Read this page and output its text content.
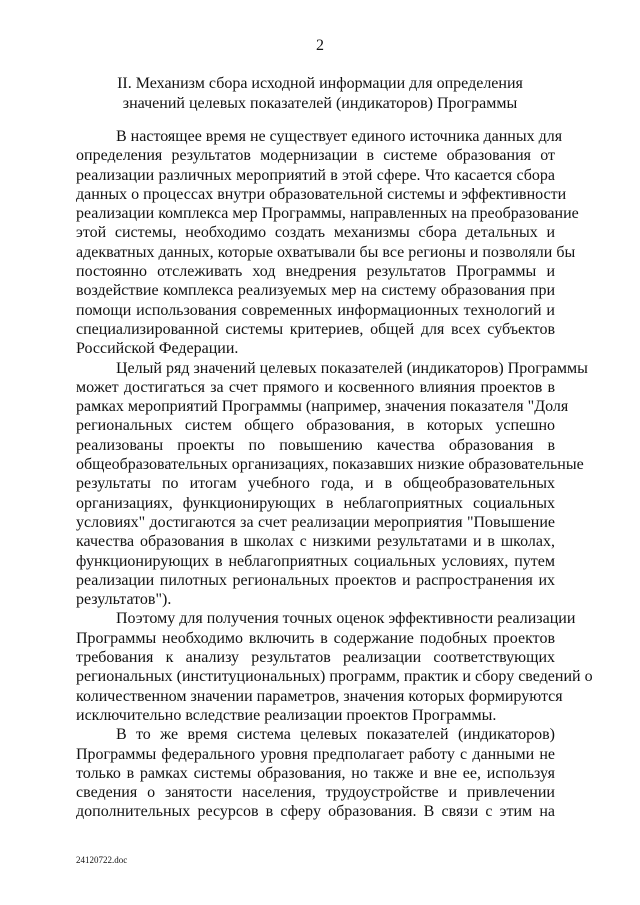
2
II. Механизм сбора исходной информации для определения
значений целевых показателей (индикаторов) Программы
В настоящее время не существует единого источника данных для
определения результатов модернизации в системе образования от
реализации различных мероприятий в этой сфере. Что касается сбора
данных о процессах внутри образовательной системы и эффективности
реализации комплекса мер Программы, направленных на преобразование
этой системы, необходимо создать механизмы сбора детальных и
адекватных данных, которые охватывали бы все регионы и позволяли бы
постоянно отслеживать ход внедрения результатов Программы и
воздействие комплекса реализуемых мер на систему образования при
помощи использования современных информационных технологий и
специализированной системы критериев, общей для всех субъектов
Российской Федерации.
Целый ряд значений целевых показателей (индикаторов) Программы
может достигаться за счет прямого и косвенного влияния проектов в
рамках мероприятий Программы (например, значения показателя "Доля
региональных систем общего образования, в которых успешно
реализованы проекты по повышению качества образования в
общеобразовательных организациях, показавших низкие образовательные
результаты по итогам учебного года, и в общеобразовательных
организациях, функционирующих в неблагоприятных социальных
условиях" достигаются за счет реализации мероприятия "Повышение
качества образования в школах с низкими результатами и в школах,
функционирующих в неблагоприятных социальных условиях, путем
реализации пилотных региональных проектов и распространения их
результатов").
Поэтому для получения точных оценок эффективности реализации
Программы необходимо включить в содержание подобных проектов
требования к анализу результатов реализации соответствующих
региональных (институциональных) программ, практик и сбору сведений о
количественном значении параметров, значения которых формируются
исключительно вследствие реализации проектов Программы.
В то же время система целевых показателей (индикаторов)
Программы федерального уровня предполагает работу с данными не
только в рамках системы образования, но также и вне ее, используя
сведения о занятости населения, трудоустройстве и привлечении
дополнительных ресурсов в сферу образования. В связи с этим на
24120722.doc
